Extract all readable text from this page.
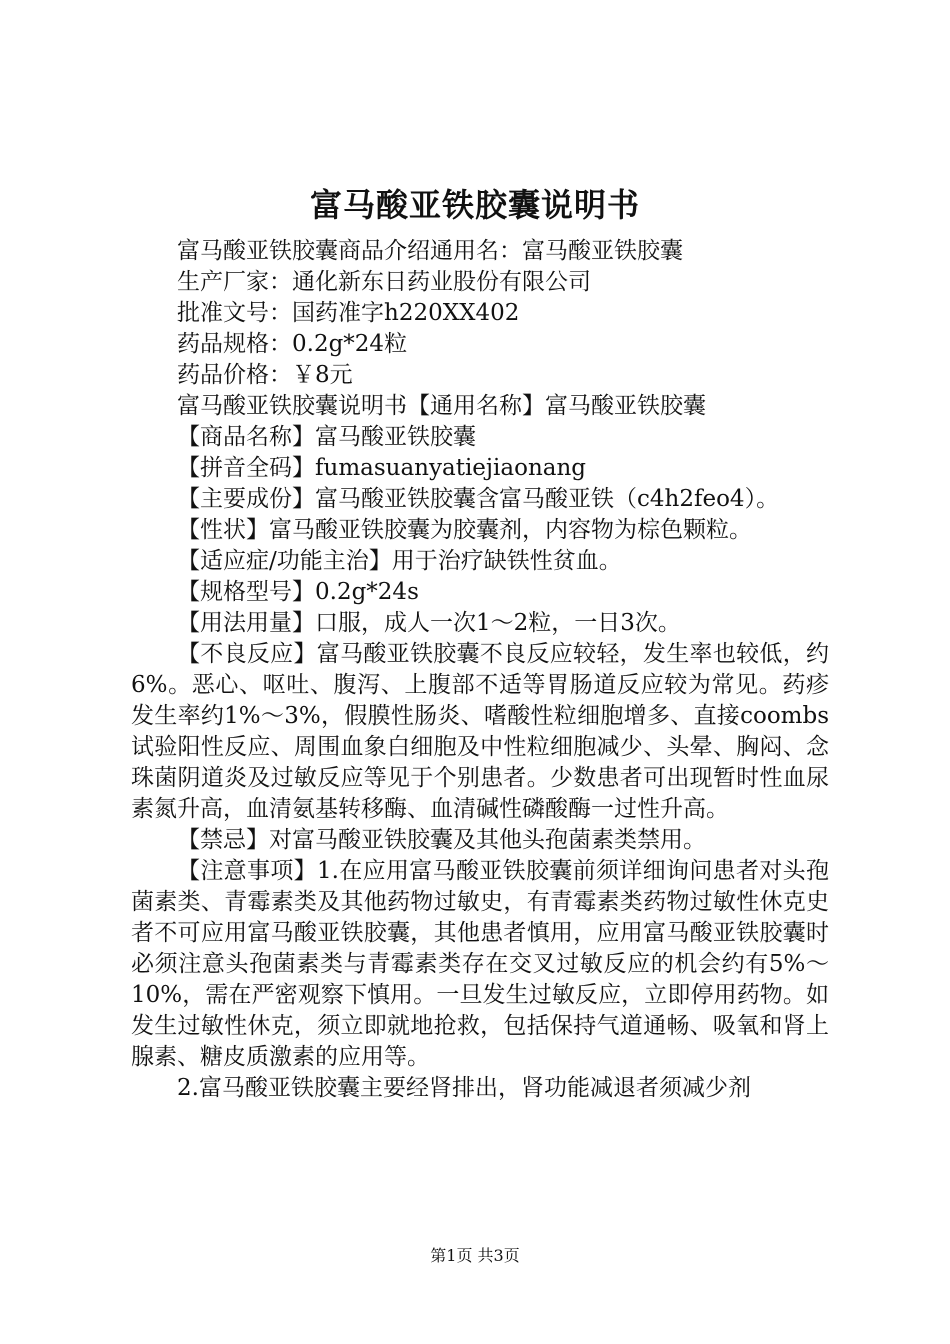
富马酸亚铁胶囊说明书

富马酸亚铁胶囊商品介绍通用名：富马酸亚铁胶囊

生产厂家：通化新东日药业股份有限公司

批准文号：国药准字h220XX402

药品规格：0.2g*24粒

药品价格：￥8元

富马酸亚铁胶囊说明书【通用名称】富马酸亚铁胶囊

【商品名称】富马酸亚铁胶囊

【拼音全码】fumasuanyatiejiaonang

【主要成份】富马酸亚铁胶囊含富马酸亚铁（c4h2feo4）。

【性状】富马酸亚铁胶囊为胶囊剂，内容物为棕色颗粒。

【适应症/功能主治】用于治疗缺铁性贫血。

【规格型号】0.2g*24s

【用法用量】口服，成人一次1～2粒，一日3次。

【不良反应】富马酸亚铁胶囊不良反应较轻，发生率也较低，约6%。恶心、呕吐、腹泻、上腹部不适等胃肠道反应较为常见。药疹发生率约1%～3%，假膜性肠炎、嗜酸性粒细胞增多、直接coombs试验阳性反应、周围血象白细胞及中性粒细胞减少、头晕、胸闷、念珠菌阴道炎及过敏反应等见于个别患者。少数患者可出现暂时性血尿素氮升高，血清氨基转移酶、血清碱性磷酸酶一过性升高。

【禁忌】对富马酸亚铁胶囊及其他头孢菌素类禁用。

【注意事项】1.在应用富马酸亚铁胶囊前须详细询问患者对头孢菌素类、青霉素类及其他药物过敏史，有青霉素类药物过敏性休克史者不可应用富马酸亚铁胶囊，其他患者慎用，应用富马酸亚铁胶囊时必须注意头孢菌素类与青霉素类存在交叉过敏反应的机会约有5%～10%，需在严密观察下慎用。一旦发生过敏反应，立即停用药物。如发生过敏性休克，须立即就地抢救，包括保持气道通畅、吸氧和肾上腺素、糖皮质激素的应用等。

2.富马酸亚铁胶囊主要经肾排出，肾功能减退者须减少剂

第1页 共3页
